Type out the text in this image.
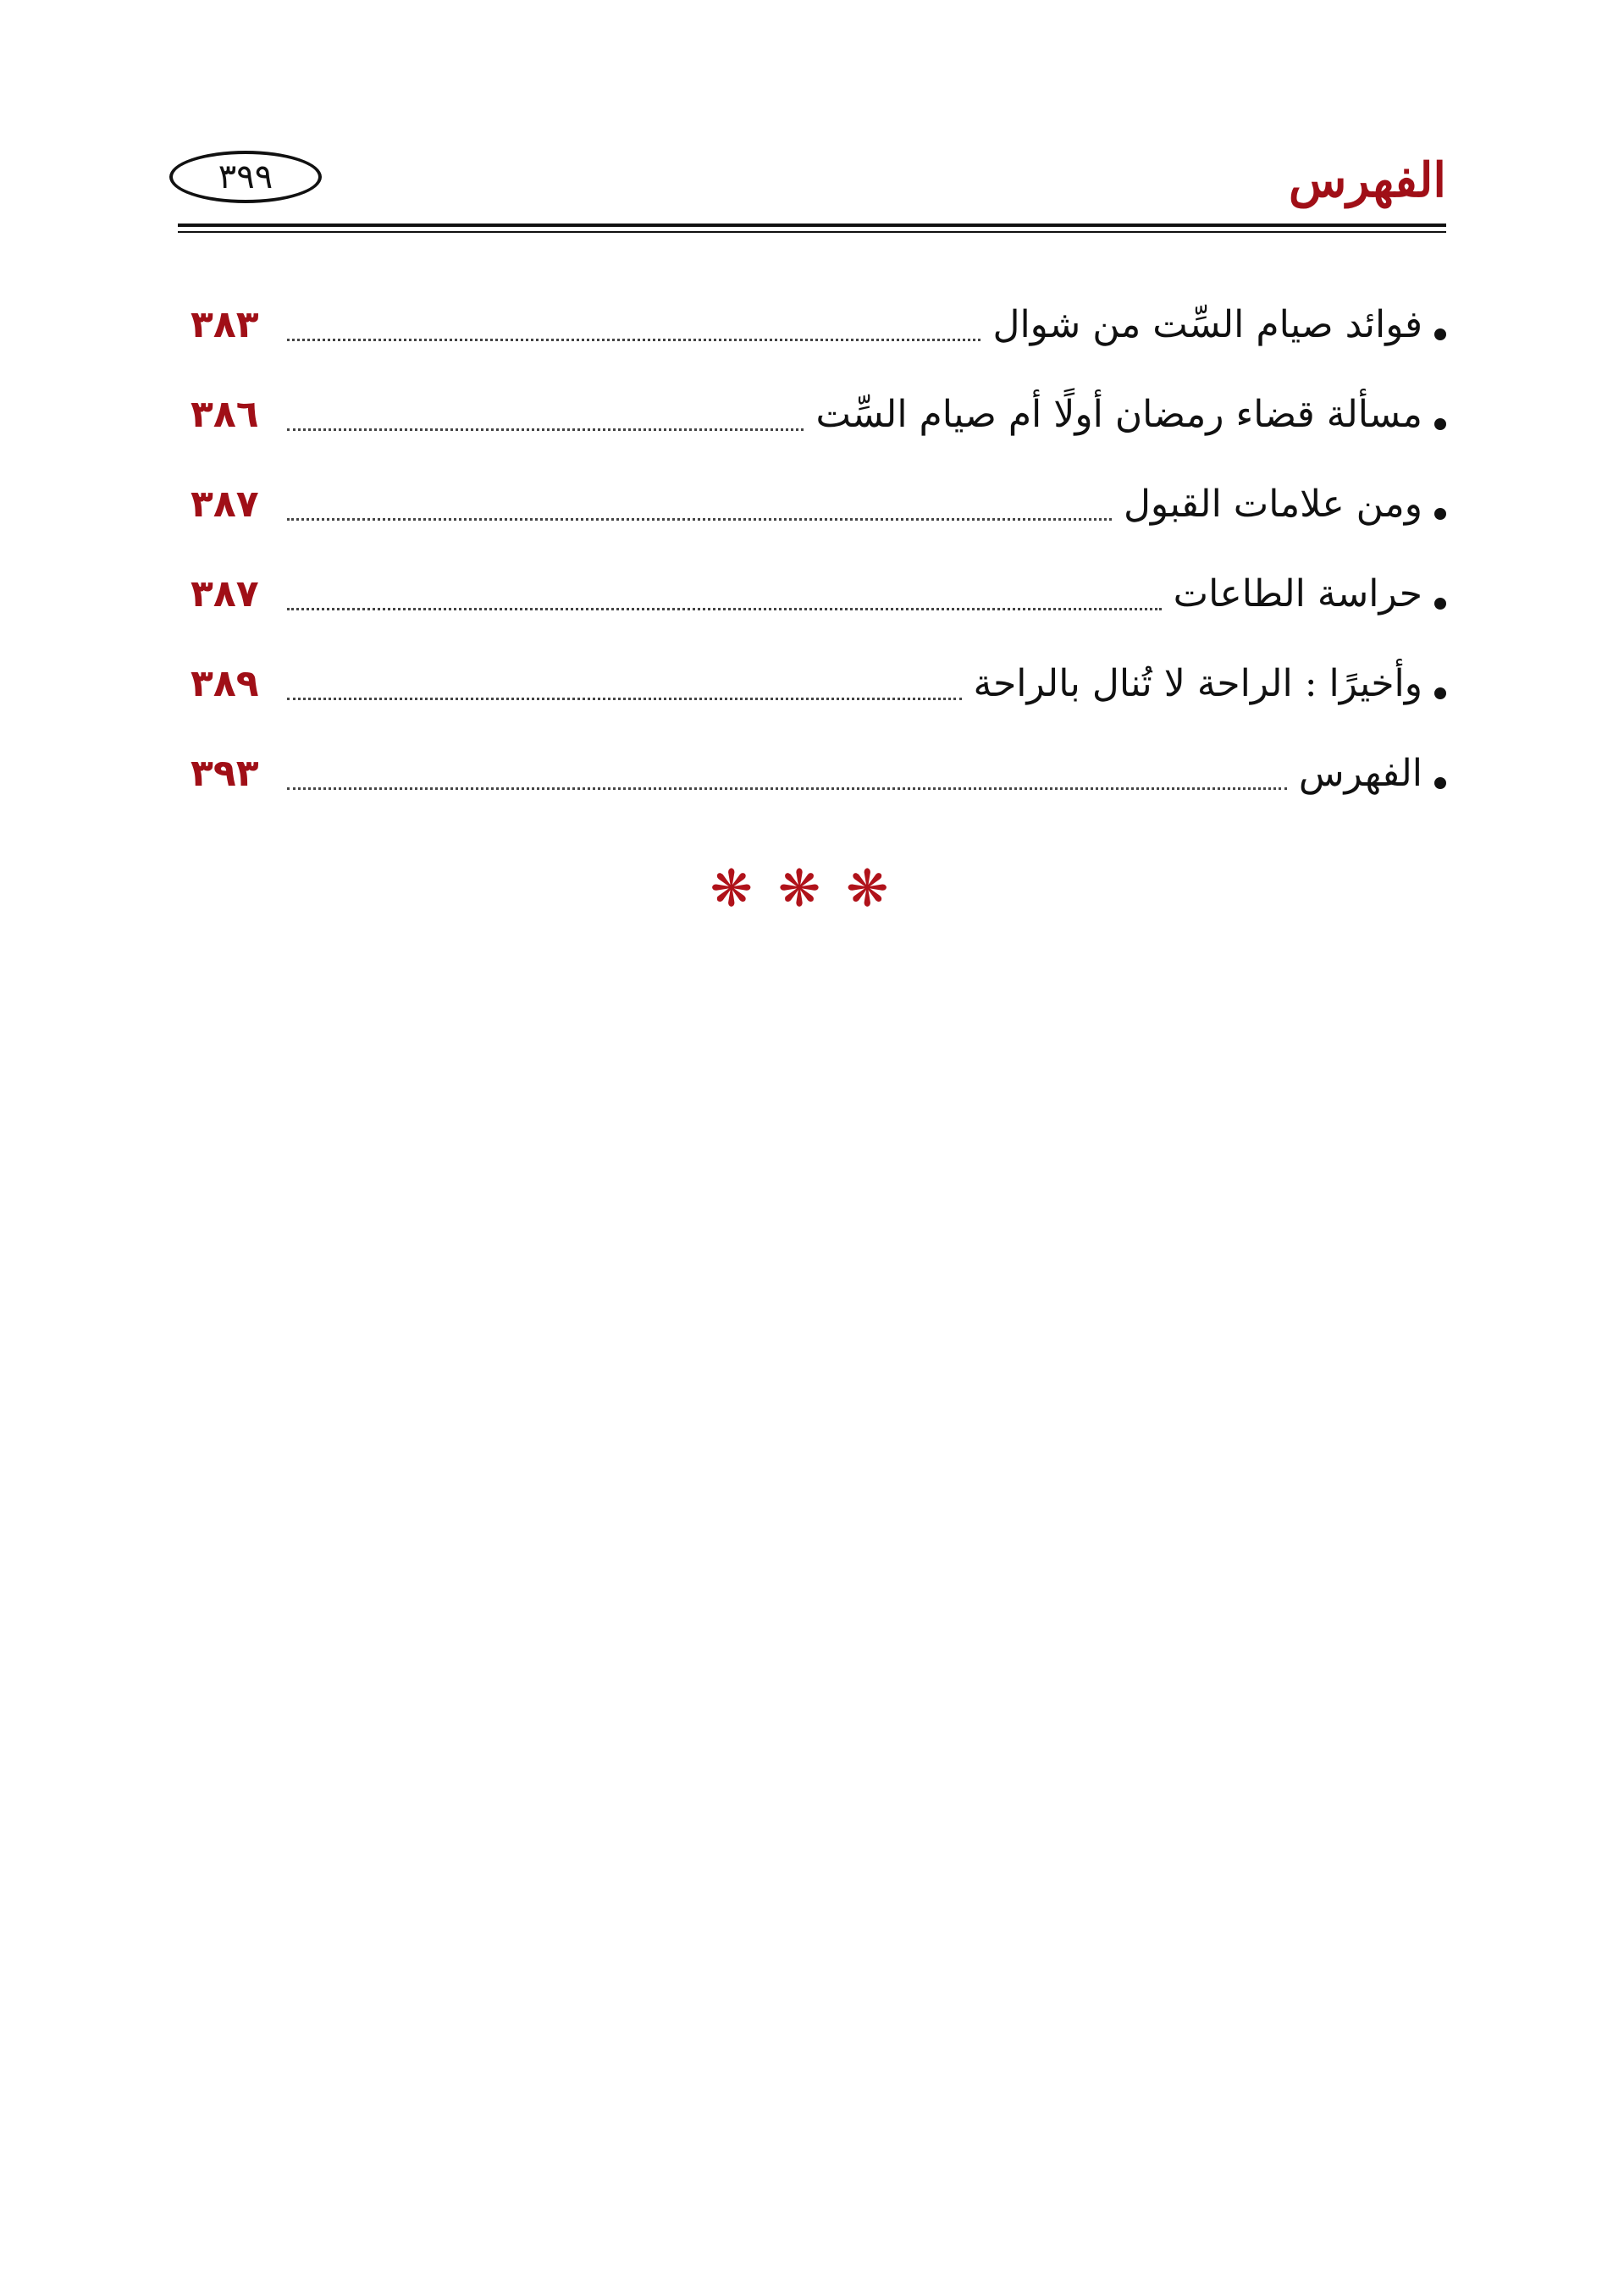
الفهرس
٣٩٩
فوائد صيام السِّت من شوال
٣٨٣
مسألة قضاء رمضان أولًا أم صيام السِّت
٣٨٦
ومن علامات القبول
٣٨٧
حراسة الطاعات
٣٨٧
وأخيرًا : الراحة لا تُنال بالراحة
٣٨٩
الفهرس
٣٩٣
❋❋❋
